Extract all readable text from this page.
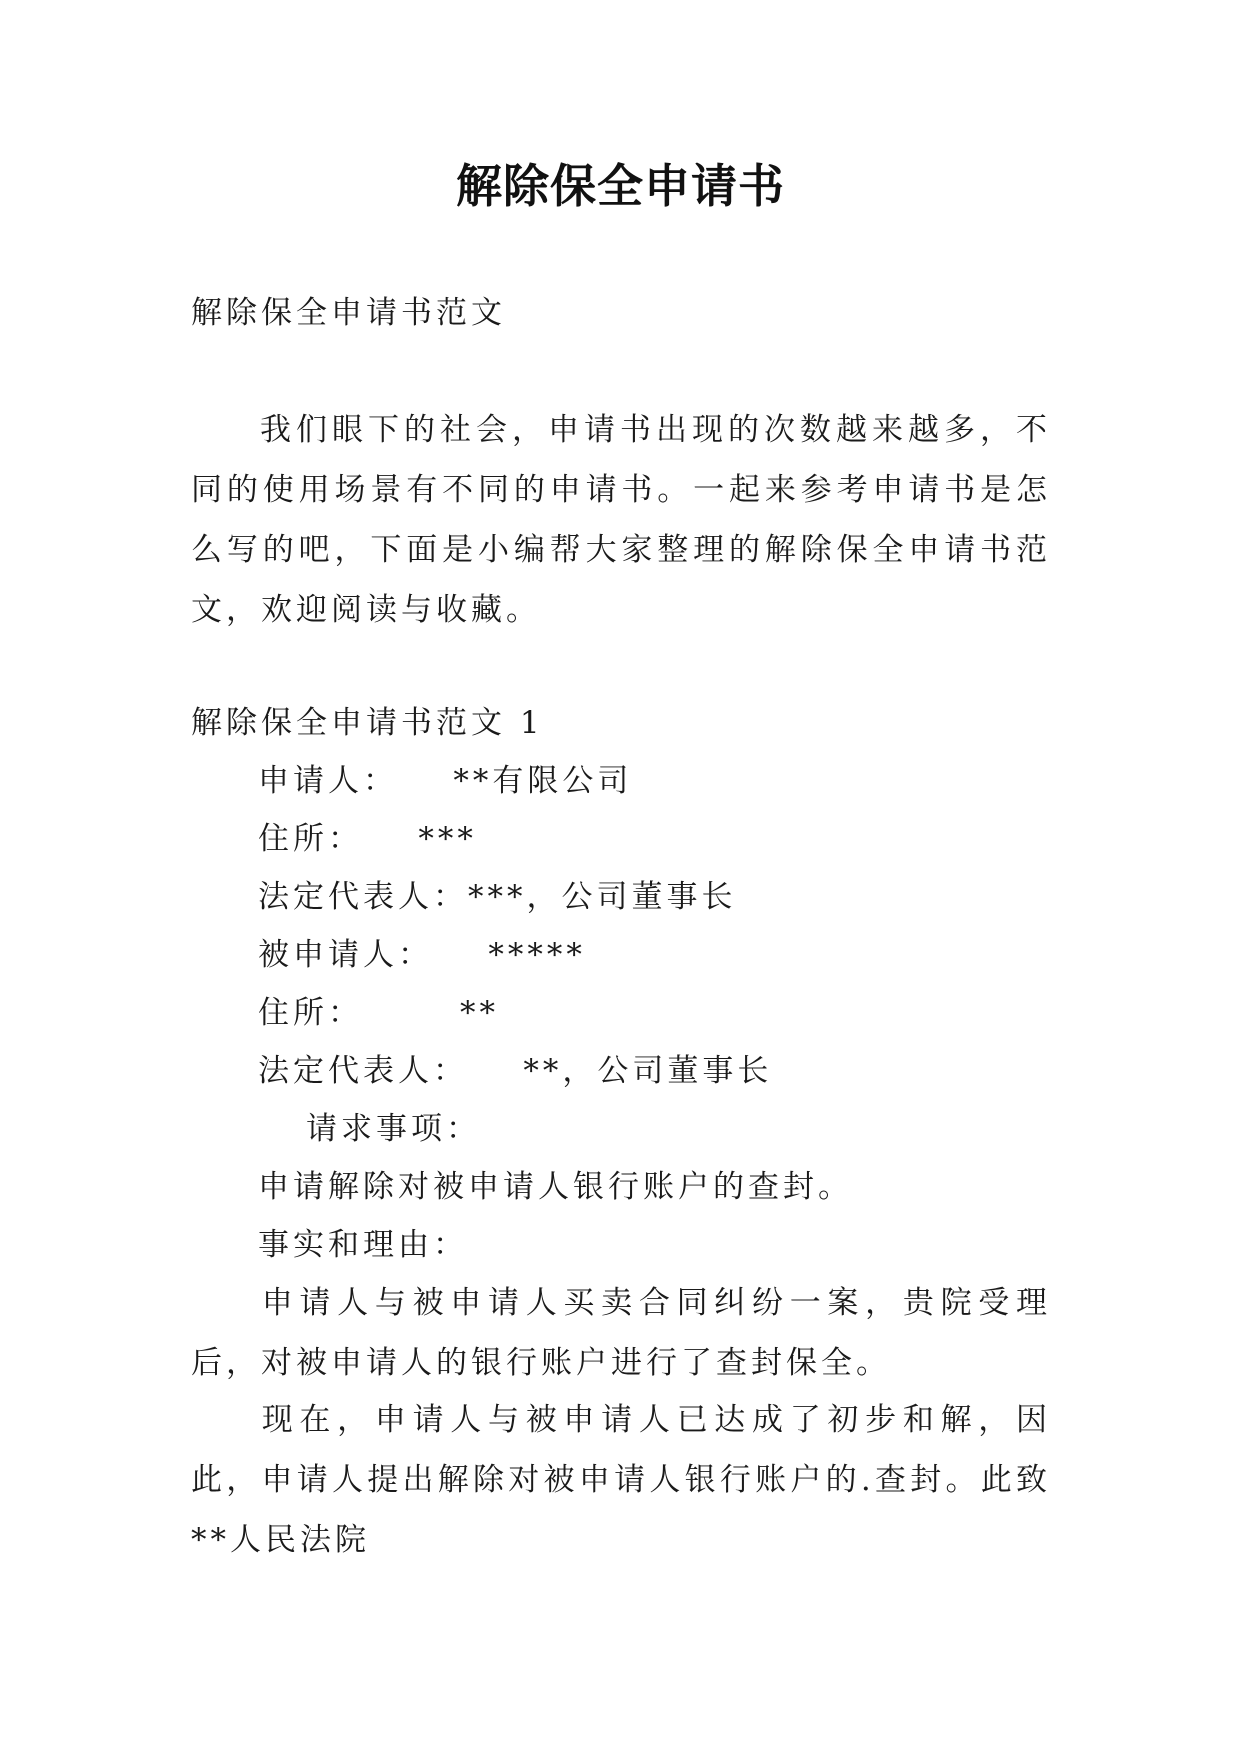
解除保全申请书
解除保全申请书范文
我们眼下的社会，申请书出现的次数越来越多，不同的使用场景有不同的申请书。一起来参考申请书是怎么写的吧，下面是小编帮大家整理的解除保全申请书范文，欢迎阅读与收藏。
解除保全申请书范文 1
申请人：    **有限公司
住所：    ***
法定代表人：***，公司董事长
被申请人：    *****
住所：       **
法定代表人：    **，公司董事长
请求事项：
申请解除对被申请人银行账户的查封。
事实和理由：
申请人与被申请人买卖合同纠纷一案，贵院受理后，对被申请人的银行账户进行了查封保全。
现在，申请人与被申请人已达成了初步和解，因此，申请人提出解除对被申请人银行账户的.查封。此致 **人民法院
